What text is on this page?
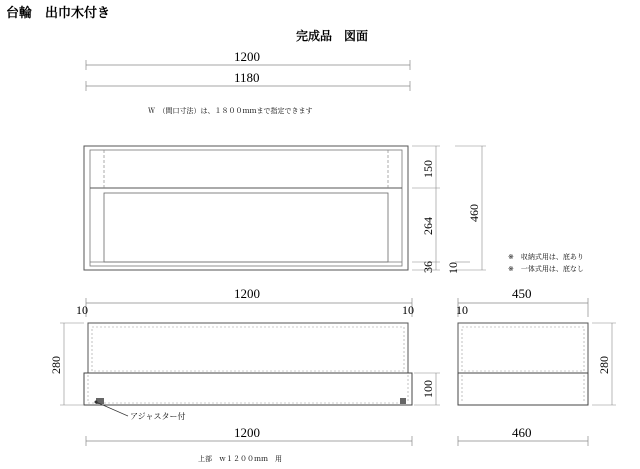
台輪　出巾木付き
完成品　図面
Ｗ　（間口寸法）は、１８００ｍｍまで指定できます
1200
1180
150
264
36
460
10
※　収納式用は、底あり
※　一体式用は、底なし
1200
10	10
450
10
280
100
280
アジャスター付
1200	460
上部　ｗ１２００ｍｍ　用
